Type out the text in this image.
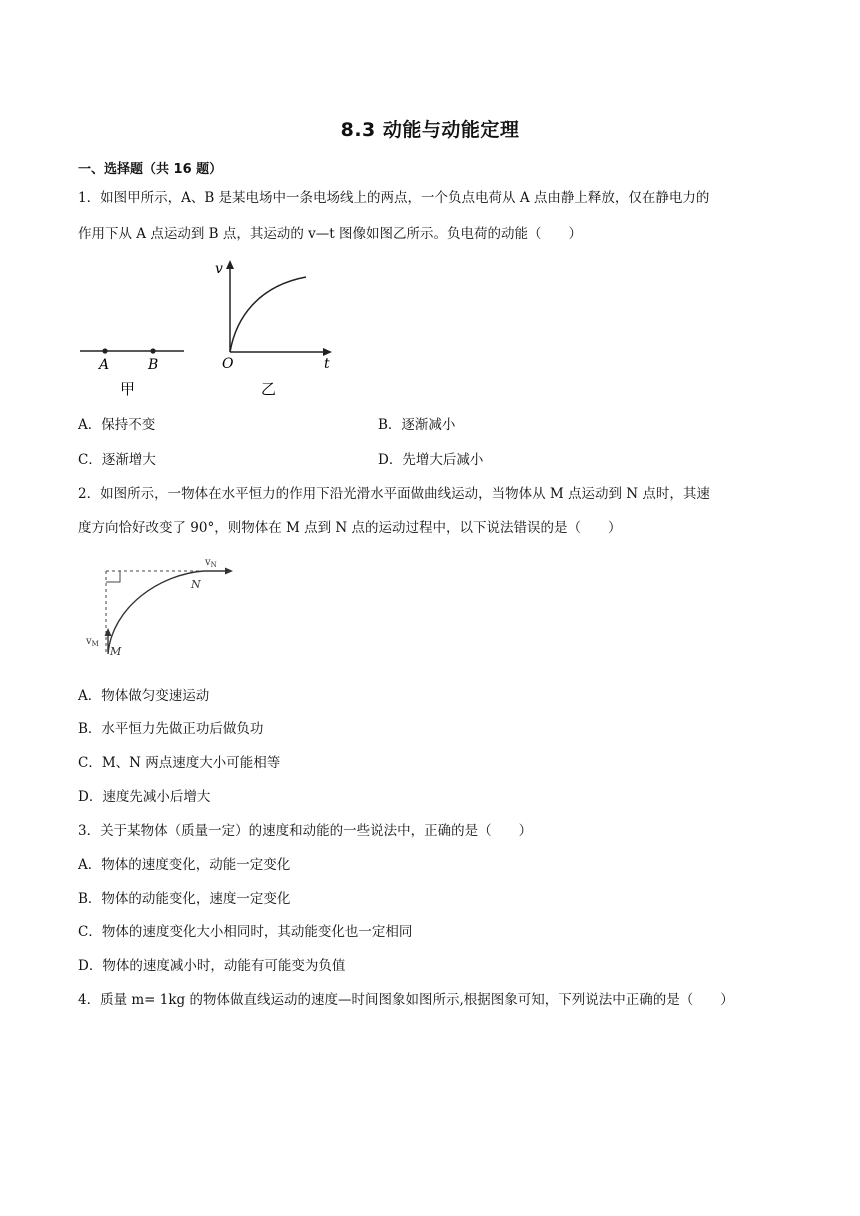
8.3 动能与动能定理
一、选择题（共 16 题）
1．如图甲所示，A、B 是某电场中一条电场线上的两点，一个负点电荷从 A 点由静上释放，仅在静电力的
作用下从 A 点运动到 B 点，其运动的 v—t 图像如图乙所示。负电荷的动能（　　）
A	B
甲
v
t
O
乙
A．保持不变	B．逐渐减小
C．逐渐增大	D．先增大后减小
2．如图所示，一物体在水平恒力的作用下沿光滑水平面做曲线运动，当物体从 M 点运动到 N 点时，其速
度方向恰好改变了 90°，则物体在 M 点到 N 点的运动过程中，以下说法错误的是（　　）
$v_N$
N
$v_M$
M
A．物体做匀变速运动
B．水平恒力先做正功后做负功
C．M、N 两点速度大小可能相等
D．速度先减小后增大
3．关于某物体（质量一定）的速度和动能的一些说法中，正确的是（　　）
A．物体的速度变化，动能一定变化
B．物体的动能变化，速度一定变化
C．物体的速度变化大小相同时，其动能变化也一定相同
D．物体的速度减小时，动能有可能变为负值
4．质量 m= 1kg 的物体做直线运动的速度—时间图象如图所示,根据图象可知，下列说法中正确的是（　　）
